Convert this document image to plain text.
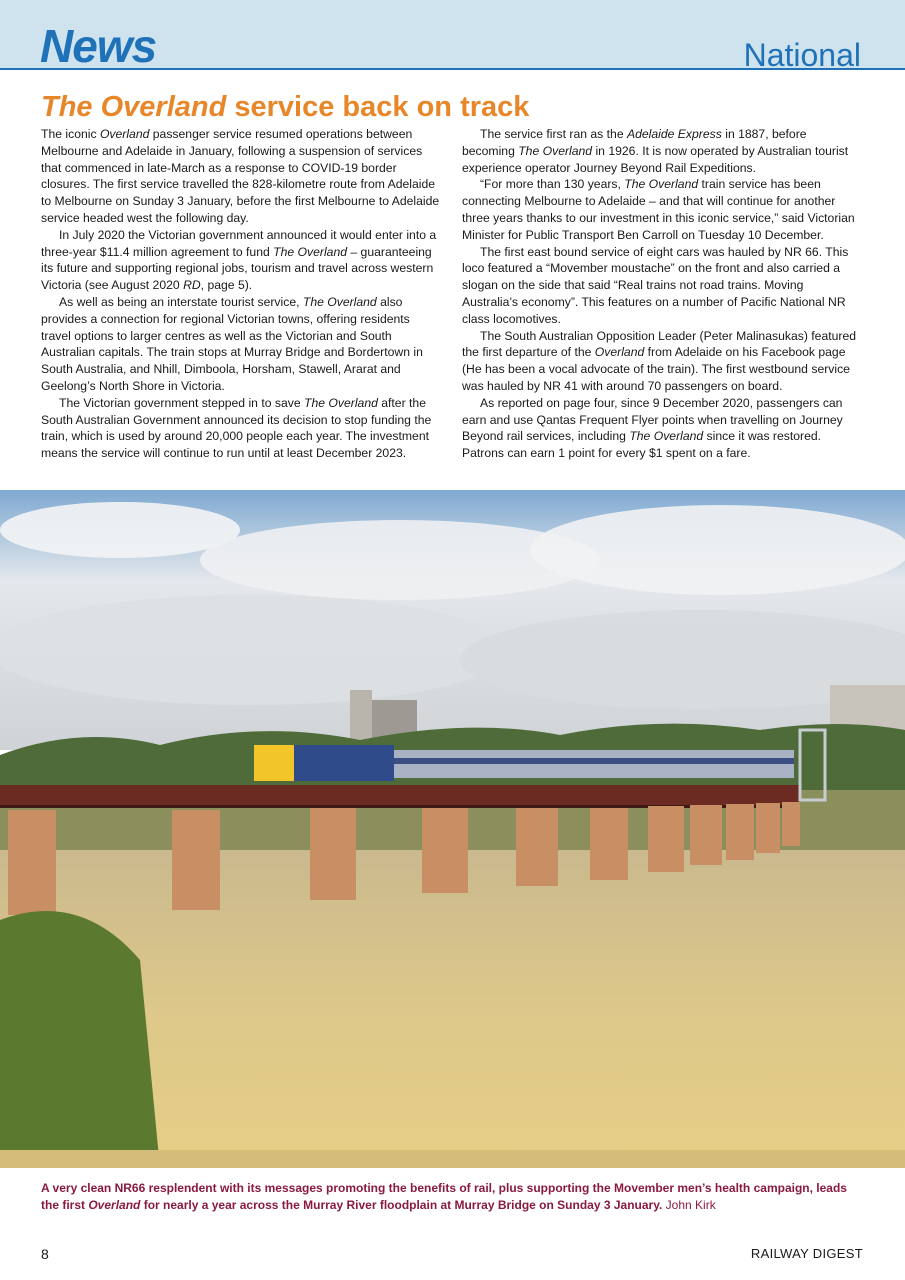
News	National
The Overland service back on track

The iconic Overland passenger service resumed operations between Melbourne and Adelaide in January, following a suspension of services that commenced in late-March as a response to COVID-19 border closures. The first service travelled the 828-kilometre route from Adelaide to Melbourne on Sunday 3 January, before the first Melbourne to Adelaide service headed west the following day.

In July 2020 the Victorian government announced it would enter into a three-year $11.4 million agreement to fund The Overland – guaranteeing its future and supporting regional jobs, tourism and travel across western Victoria (see August 2020 RD, page 5).

As well as being an interstate tourist service, The Overland also provides a connection for regional Victorian towns, offering residents travel options to larger centres as well as the Victorian and South Australian capitals. The train stops at Murray Bridge and Bordertown in South Australia, and Nhill, Dimboola, Horsham, Stawell, Ararat and Geelong’s North Shore in Victoria.

The Victorian government stepped in to save The Overland after the South Australian Government announced its decision to stop funding the train, which is used by around 20,000 people each year. The investment means the service will continue to run until at least December 2023.

The service first ran as the Adelaide Express in 1887, before becoming The Overland in 1926. It is now operated by Australian tourist experience operator Journey Beyond Rail Expeditions.

“For more than 130 years, The Overland train service has been connecting Melbourne to Adelaide – and that will continue for another three years thanks to our investment in this iconic service,” said Victorian Minister for Public Transport Ben Carroll on Tuesday 10 December.

The first east bound service of eight cars was hauled by NR 66. This loco featured a “Movember moustache” on the front and also carried a slogan on the side that said “Real trains not road trains. Moving Australia’s economy”. This features on a number of Pacific National NR class locomotives.

The South Australian Opposition Leader (Peter Malinasukas) featured the first departure of the Overland from Adelaide on his Facebook page (He has been a vocal advocate of the train). The first westbound service was hauled by NR 41 with around 70 passengers on board.

As reported on page four, since 9 December 2020, passengers can earn and use Qantas Frequent Flyer points when travelling on Journey Beyond rail services, including The Overland since it was restored. Patrons can earn 1 point for every $1 spent on a fare.

A very clean NR66 resplendent with its messages promoting the benefits of rail, plus supporting the Movember men’s health campaign, leads the first Overland for nearly a year across the Murray River floodplain at Murray Bridge on Sunday 3 January. John Kirk
8	RAILWAY DIGEST
